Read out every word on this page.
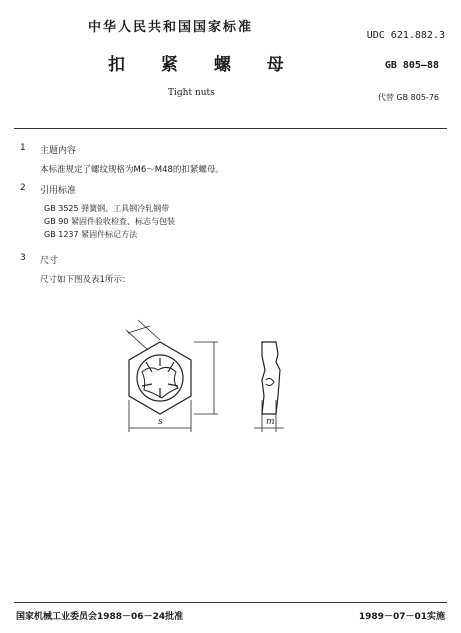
中华人民共和国国家标准
UDC 621.882.3
扣 紧 螺 母	GB 805—88
Tight nuts	代替 GB 805-76
1 主题内容
本标准规定了螺纹规格为M6～M48的扣紧螺母。
2 引用标准
GB 3525 弹簧钢、工具钢冷轧钢带
GB 90 紧固件验收检查、标志与包装
GB 1237 紧固件标记方法
3 尺寸
尺寸如下图及表1所示：
s	m
国家机械工业委员会1988－06－24批准	1989－07－01实施
